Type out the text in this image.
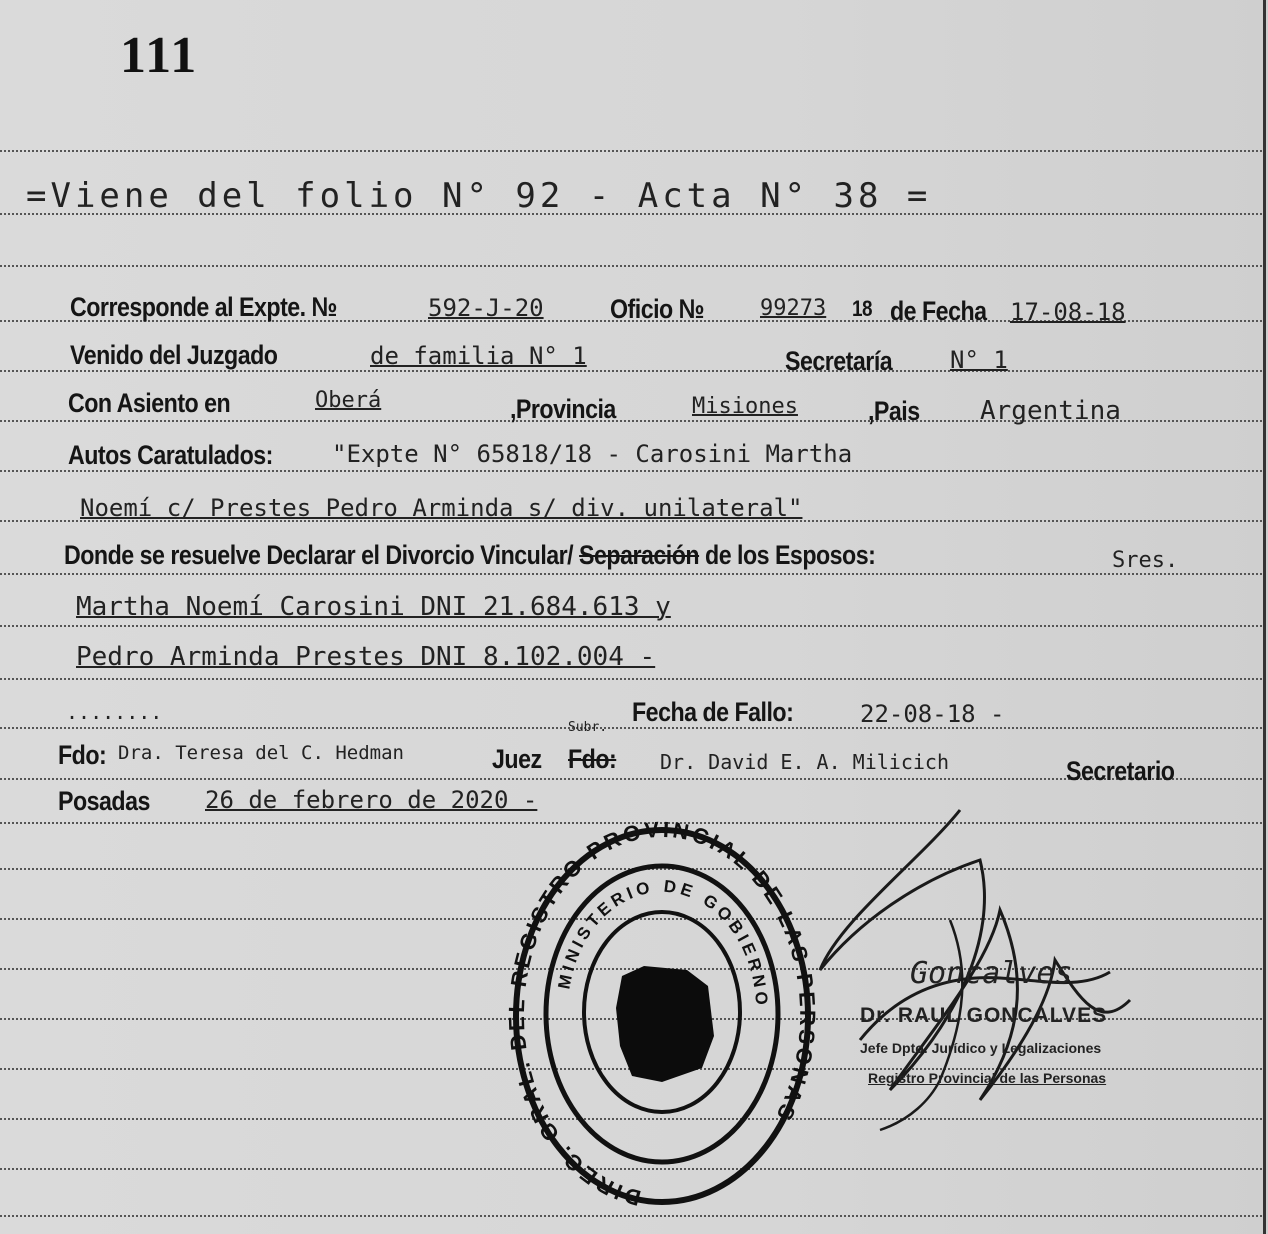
111
=Viene del folio N° 92 - Acta N° 38 =
Corresponde al Expte. №	592-J-20 Oficio №	99273 18 de Fecha 17-08-18
Venido del Juzgado	de familia N° 1	Secretaría N° 1
Con Asiento en	Oberá	,Provincia	Misiones	,Pais Argentina
Autos Caratulados: "Expte N° 65818/18 - Carosini Martha
Noemí c/ Prestes Pedro Arminda s/ div. unilateral"
Donde se resuelve Declarar el Divorcio Vincular/ Separación de los Esposos:	Sres.
Martha Noemí Carosini DNI 21.684.613 y
Pedro Arminda Prestes DNI 8.102.004 -
........	Fecha de Fallo:	22-08-18 -
Fdo: Dra. Teresa del C. Hedman	Juez Fdo:
Subr.
Dr. David E. A. Milicich	Secretario
Posadas 26 de febrero de 2020 -
DIREC. GRAL. DEL REGISTRO PROVINCIAL DE LAS PERSONAS
MINISTERIO DE GOBIERNO
Goncalves
Dr. RAUL GONCALVES
Jefe Dpto. Jurídico y Legalizaciones
Registro Provincial de las Personas
